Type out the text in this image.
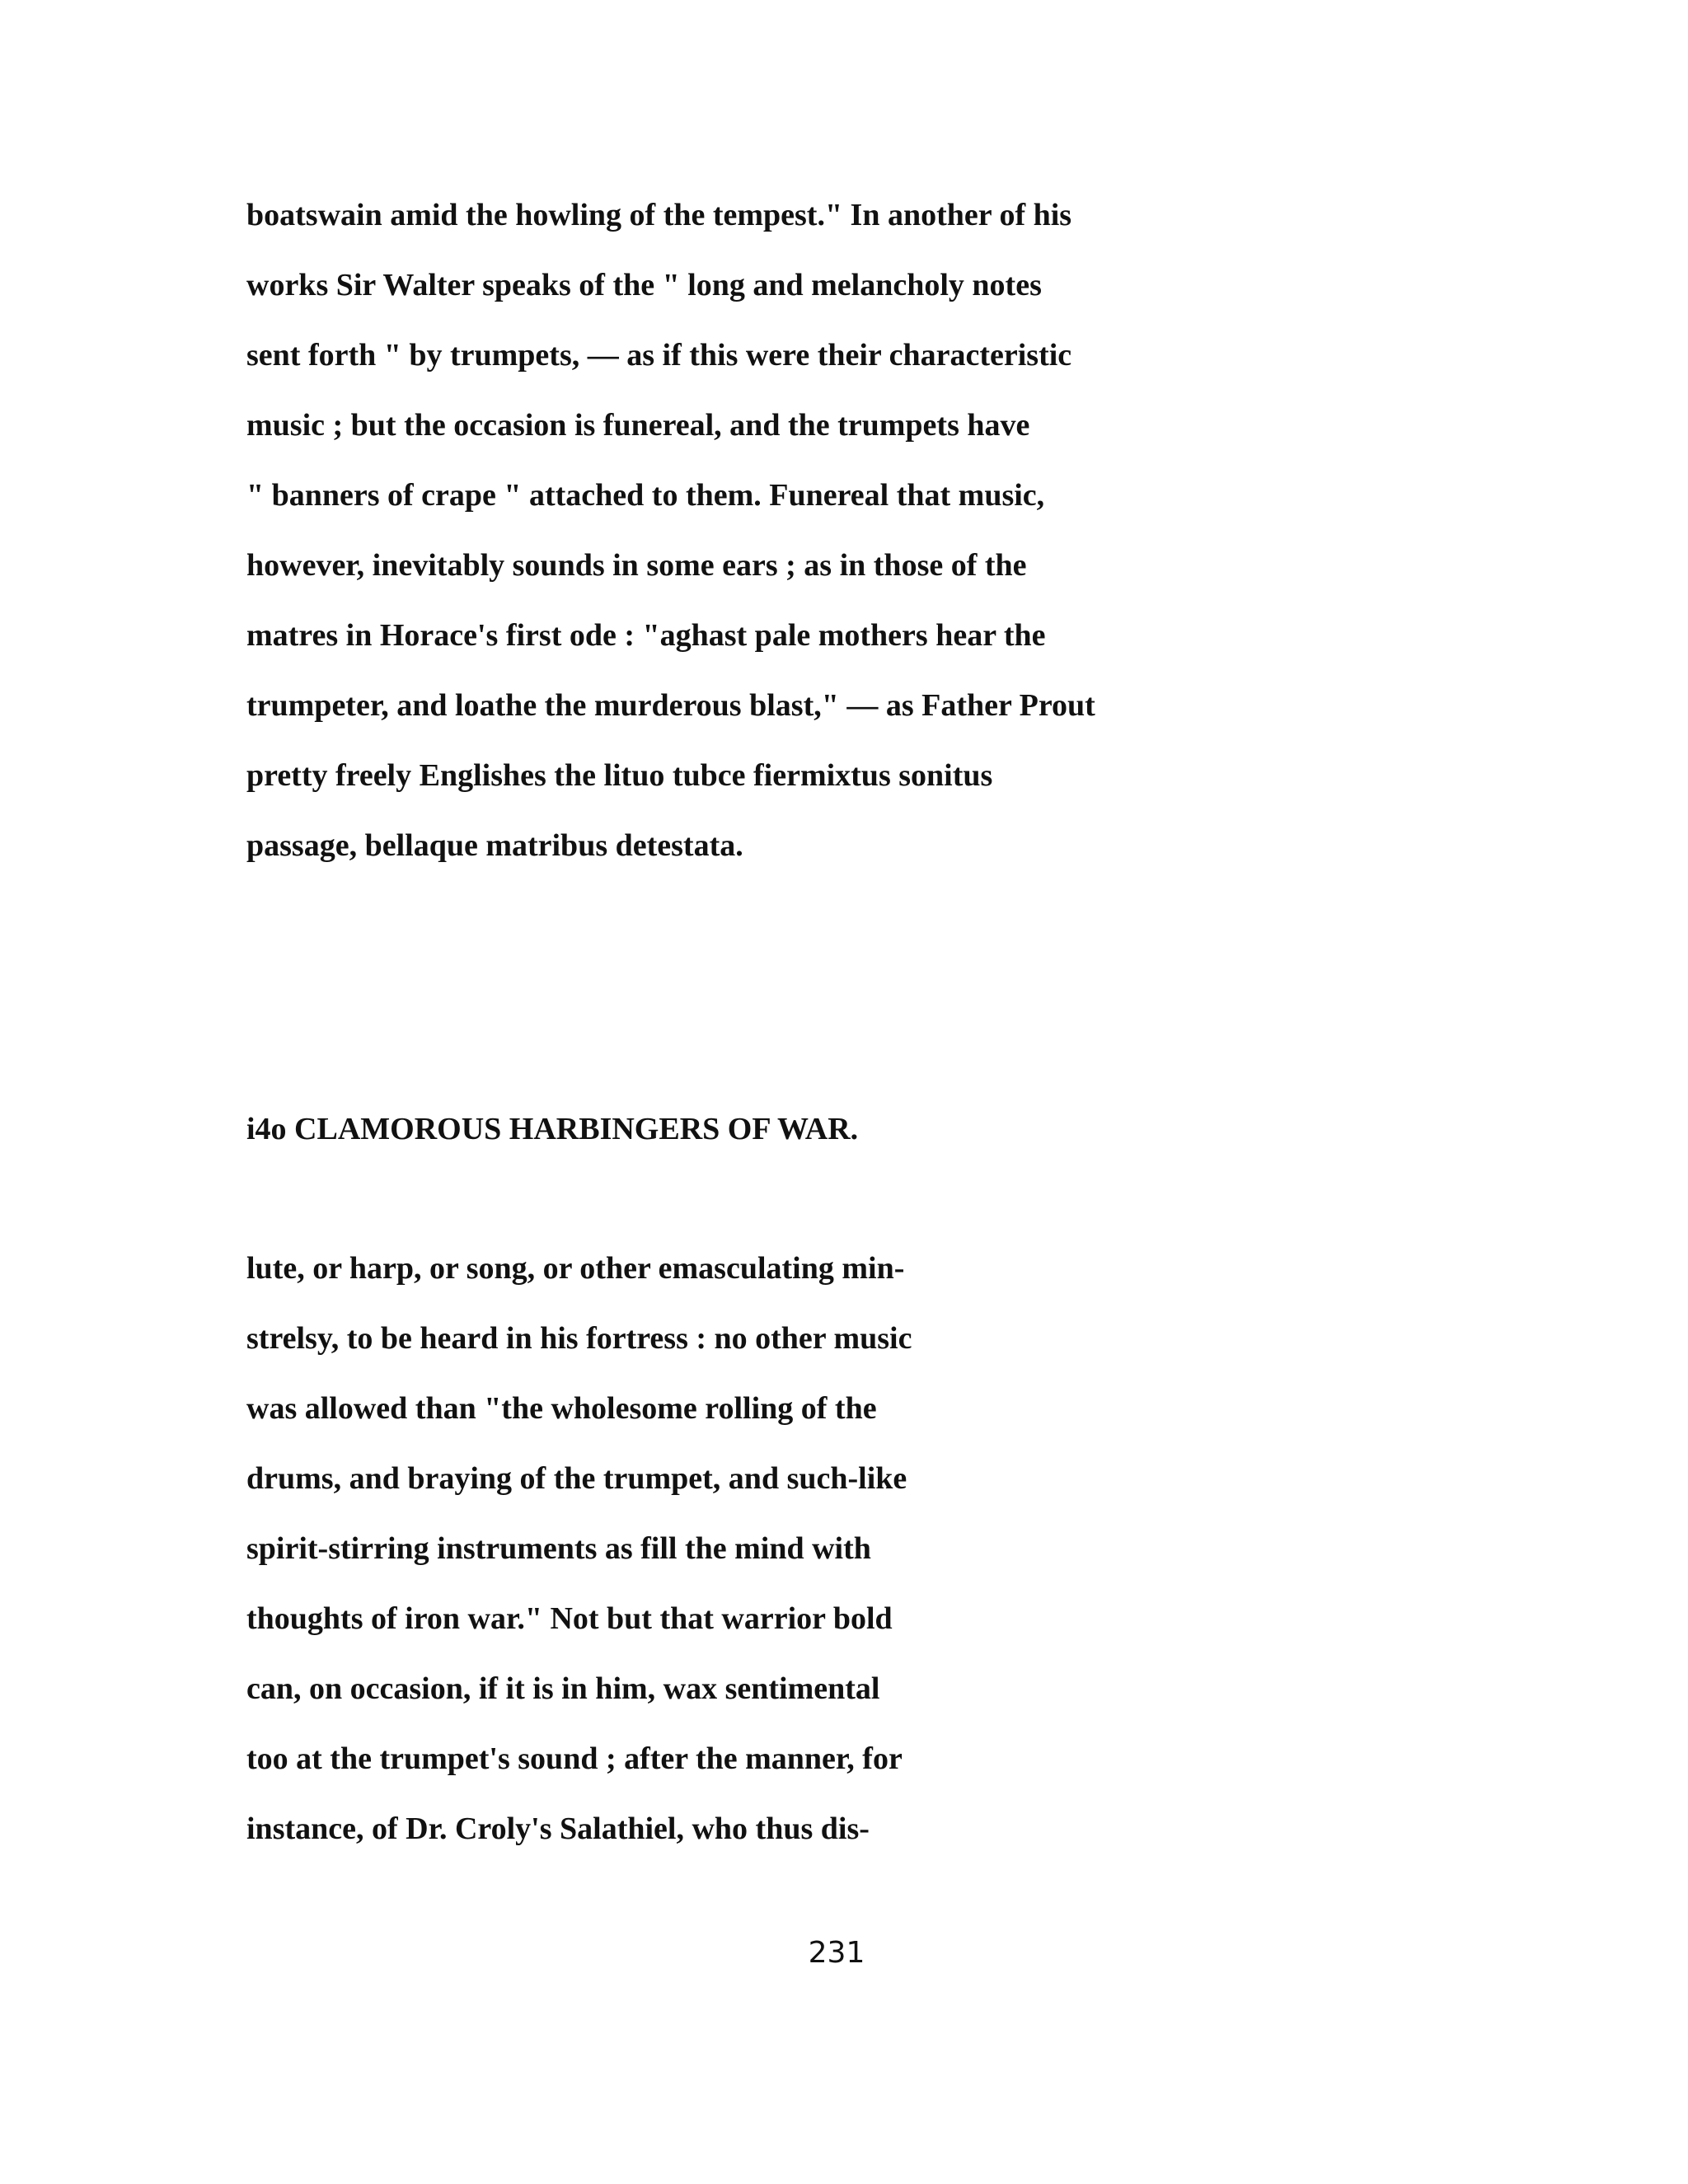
boatswain amid the howling of the tempest." In another of his

works Sir Walter speaks of the " long and melancholy notes

sent forth " by trumpets, — as if this were their characteristic

music ; but the occasion is funereal, and the trumpets have

" banners of crape " attached to them. Funereal that music,

however, inevitably sounds in some ears ; as in those of the

matres in Horace's first ode : "aghast pale mothers hear the

trumpeter, and loathe the murderous blast," — as Father Prout

pretty freely Englishes the lituo tubce fiermixtus sonitus

passage, bellaque matribus detestata.

i4o CLAMOROUS HARBINGERS OF WAR.

lute, or harp, or song, or other emasculating min-

strelsy, to be heard in his fortress : no other music

was allowed than "the wholesome rolling of the

drums, and braying of the trumpet, and such-like

spirit-stirring instruments as fill the mind with

thoughts of iron war." Not but that warrior bold

can, on occasion, if it is in him, wax sentimental

too at the trumpet's sound ; after the manner, for

instance, of Dr. Croly's Salathiel, who thus dis-

231
